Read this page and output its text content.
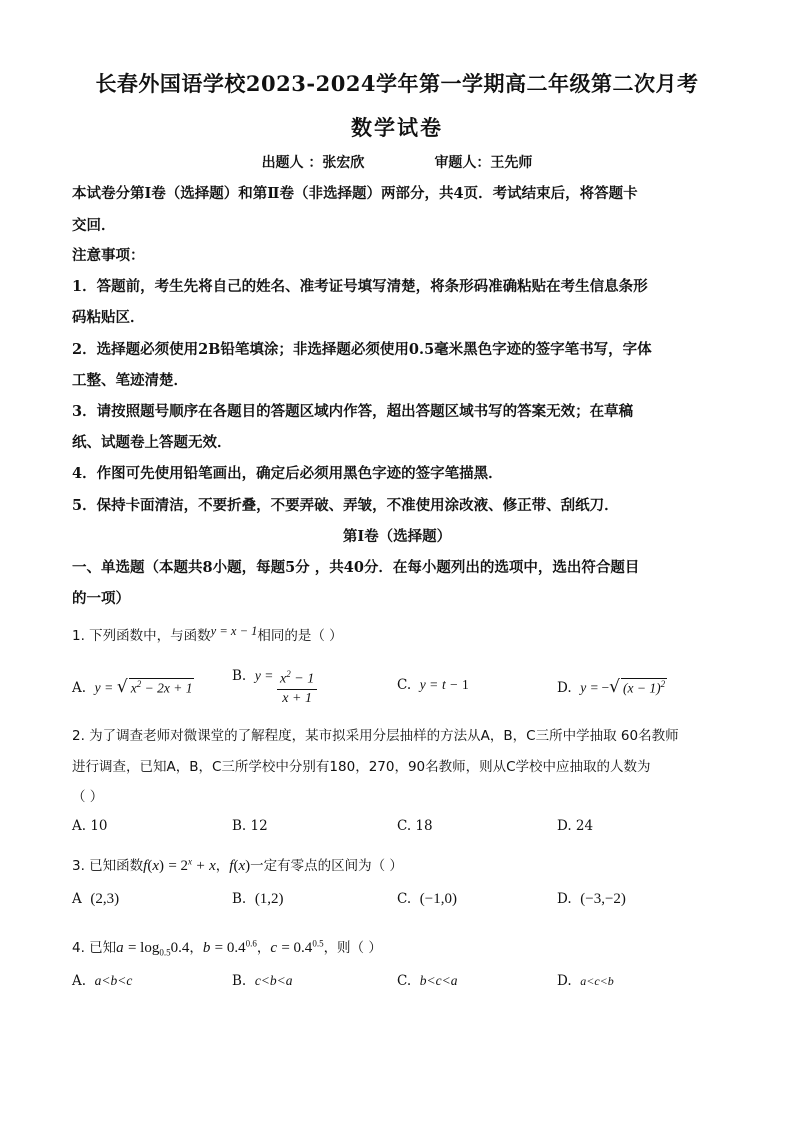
长春外国语学校2023-2024学年第一学期高二年级第二次月考
数学试卷
出题人 ：张宏欣	审题人：王先师
本试卷分第Ⅰ卷（选择题）和第Ⅱ卷（非选择题）两部分，共4页．考试结束后，将答题卡
交回．
注意事项：
1．答题前，考生先将自己的姓名、准考证号填写清楚，将条形码准确粘贴在考生信息条形
码粘贴区．
2．选择题必须使用2B铅笔填涂；非选择题必须使用0.5毫米黑色字迹的签字笔书写，字体
工整、笔迹清楚．
3．请按照题号顺序在各题目的答题区域内作答，超出答题区域书写的答案无效；在草稿
纸、试题卷上答题无效．
4．作图可先使用铅笔画出，确定后必须用黑色字迹的签字笔描黑．
5．保持卡面清洁，不要折叠，不要弄破、弄皱，不准使用涂改液、修正带、刮纸刀．
第Ⅰ卷（选择题）
一、单选题（本题共8小题，每题5分 ，共40分．在每小题列出的选项中，选出符合题目
的一项）
1. 下列函数中，与函数y = x − 1相同的是（ ）
A. y = √ $x^2 - 2x + 1$
B. $y = \frac{x^2 - 1}{x + 1}$	C. y = t − 1	D. y = −√ $(x - 1)^2$
2. 为了调查老师对微课堂的了解程度，某市拟采用分层抽样的方法从A，B，C三所中学抽取 60名教师
进行调查，已知A，B，C三所学校中分别有180，270，90名教师，则从C学校中应抽取的人数为
（ ）
A. 10	B. 12	C. 18	D. 24
3. 已知函数$f(x) = 2^x + x$，f(x)一定有零点的区间为（ ）
A (2,3)	B. (1,2)	C. (−1,0)	D. (−3,−2)
4. 已知$a = \log_{0.5}0.4$，$b = 0.4^{0.6}$，$c = 0.4^{0.5}$，则（ ）
A. a<b<c	B. c<b<a	C. b<c<a	D. a<c<b
